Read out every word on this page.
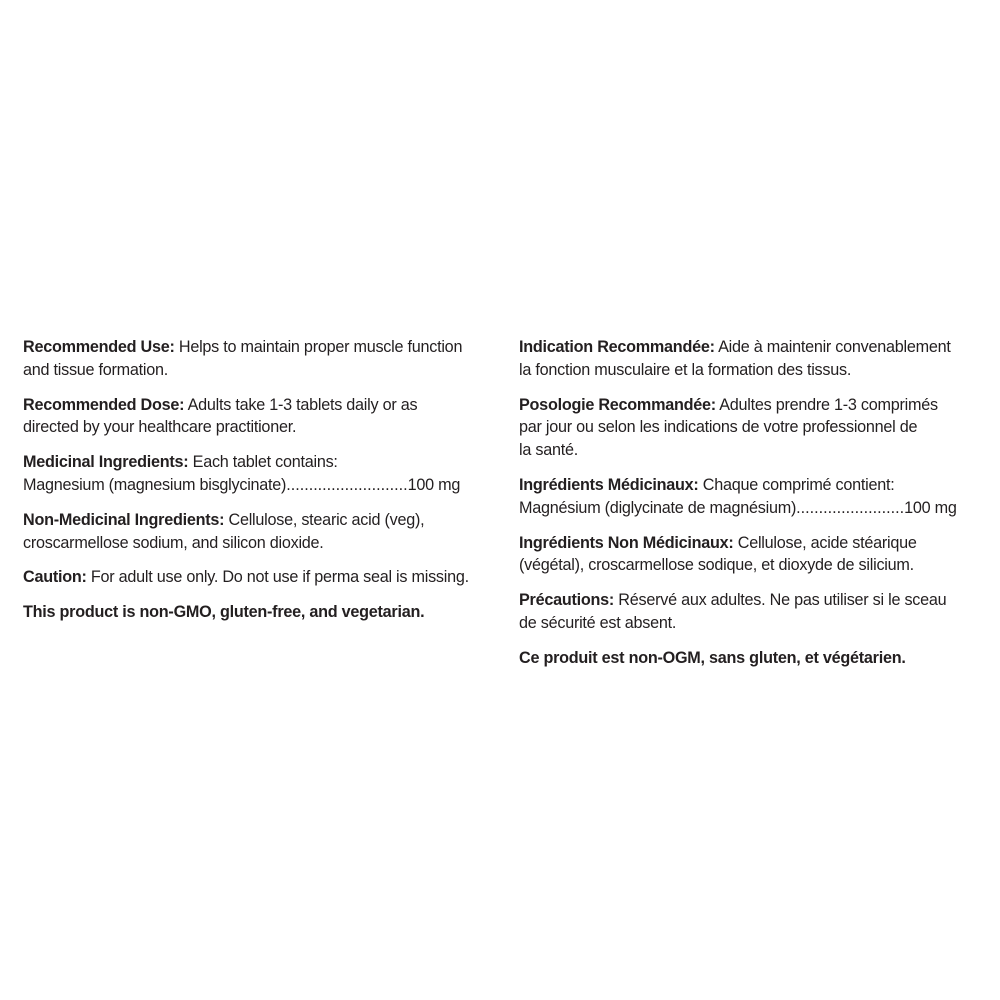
Recommended Use: Helps to maintain proper muscle function
and tissue formation.

Recommended Dose: Adults take 1-3 tablets daily or as
directed by your healthcare practitioner.

Medicinal Ingredients: Each tablet contains:
Magnesium (magnesium bisglycinate) ........................... 100 mg

Non-Medicinal Ingredients: Cellulose, stearic acid (veg),
croscarmellose sodium, and silicon dioxide.

Caution: For adult use only. Do not use if perma seal is missing.

This product is non-GMO, gluten-free, and vegetarian.

Indication Recommandée: Aide à maintenir convenablement
la fonction musculaire et la formation des tissus.

Posologie Recommandée: Adultes prendre 1-3 comprimés
par jour ou selon les indications de votre professionnel de
la santé.

Ingrédients Médicinaux: Chaque comprimé contient:
Magnésium (diglycinate de magnésium) ........................ 100 mg

Ingrédients Non Médicinaux: Cellulose, acide stéarique
(végétal), croscarmellose sodique, et dioxyde de silicium.

Précautions: Réservé aux adultes. Ne pas utiliser si le sceau
de sécurité est absent.

Ce produit est non-OGM, sans gluten, et végétarien.
